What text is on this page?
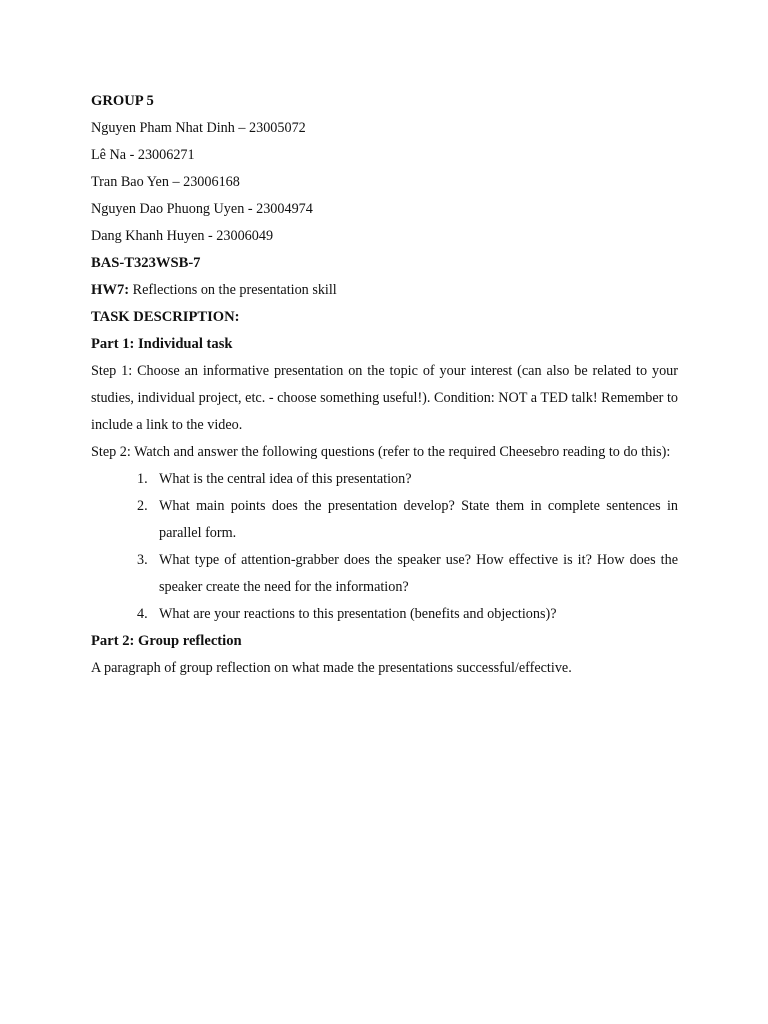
GROUP 5

Nguyen Pham Nhat Dinh – 23005072

Lê Na - 23006271

Tran Bao Yen – 23006168

Nguyen Dao Phuong Uyen - 23004974

Dang Khanh Huyen - 23006049

BAS-T323WSB-7

HW7: Reflections on the presentation skill

TASK DESCRIPTION:

Part 1: Individual task

Step 1: Choose an informative presentation on the topic of your interest (can also be related to your studies, individual project, etc. - choose something useful!). Condition: NOT a TED talk! Remember to include a link to the video.

Step 2: Watch and answer the following questions (refer to the required Cheesebro reading to do this):

1. What is the central idea of this presentation?
2. What main points does the presentation develop? State them in complete sentences in parallel form.
3. What type of attention-grabber does the speaker use? How effective is it? How does the speaker create the need for the information?
4. What are your reactions to this presentation (benefits and objections)?

Part 2: Group reflection

A paragraph of group reflection on what made the presentations successful/effective.
